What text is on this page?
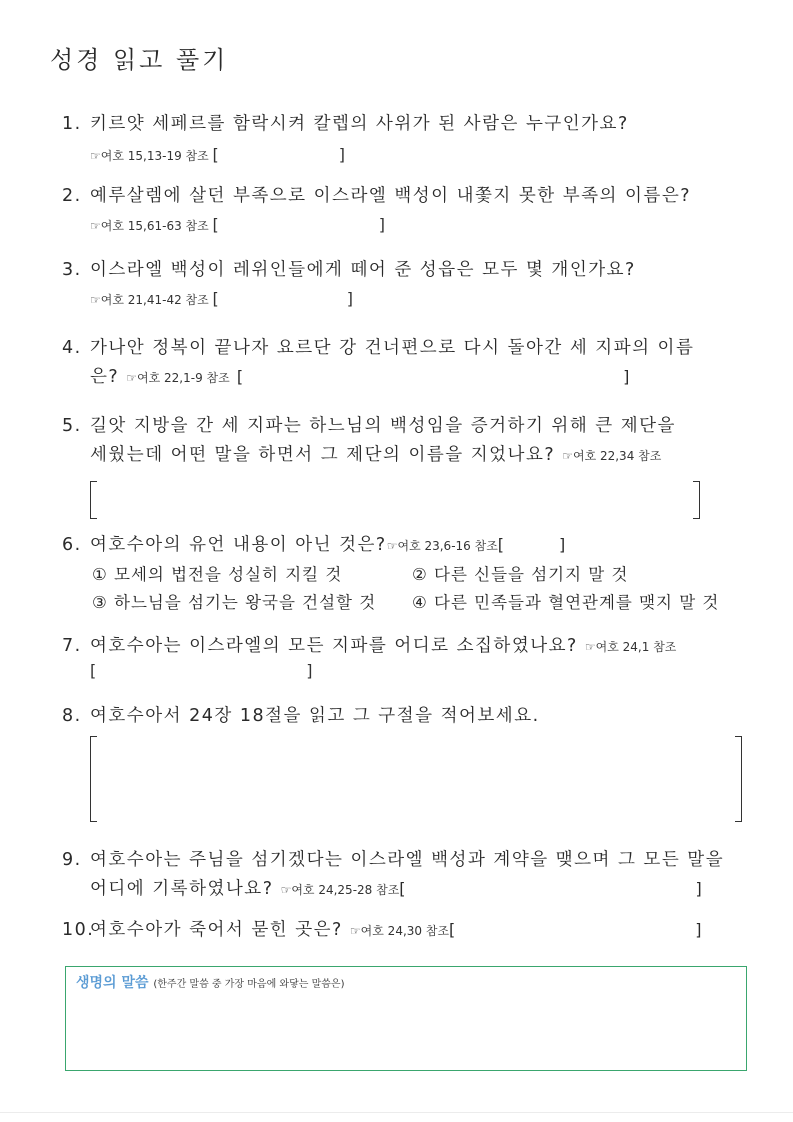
성경 읽고 풀기
1. 키르얏 세페르를 함락시켜 칼렙의 사위가 된 사람은 누구인가요?
☞여호 15,13-19 참조 [	]
2. 예루살렘에 살던 부족으로 이스라엘 백성이 내쫓지 못한 부족의 이름은?
☞여호 15,61-63 참조 [	]
3. 이스라엘 백성이 레위인들에게 떼어 준 성읍은 모두 몇 개인가요?
☞여호 21,41-42 참조 [	]
4. 가나안 정복이 끝나자 요르단 강 건너편으로 다시 돌아간 세 지파의 이름
은? ☞여호 22,1-9 참조 [	]
5. 길앗 지방을 간 세 지파는 하느님의 백성임을 증거하기 위해 큰 제단을
세웠는데 어떤 말을 하면서 그 제단의 이름을 지었나요? ☞여호 22,34 참조
6. 여호수아의 유언 내용이 아닌 것은?☞여호 23,6-16 참조[	]
① 모세의 법전을 성실히 지킬 것	② 다른 신들을 섬기지 말 것
③ 하느님을 섬기는 왕국을 건설할 것 ④ 다른 민족들과 혈연관계를 맺지 말 것
7. 여호수아는 이스라엘의 모든 지파를 어디로 소집하였나요? ☞여호 24,1 참조
[	]
8. 여호수아서 24장 18절을 읽고 그 구절을 적어보세요.
9. 여호수아는 주님을 섬기겠다는 이스라엘 백성과 계약을 맺으며 그 모든 말을
어디에 기록하였나요? ☞여호 24,25-28 참조[	]
10.여호수아가 죽어서 묻힌 곳은? ☞여호 24,30 참조[	]
생명의 말씀 (한주간 말씀 중 가장 마음에 와닿는 말씀은)
